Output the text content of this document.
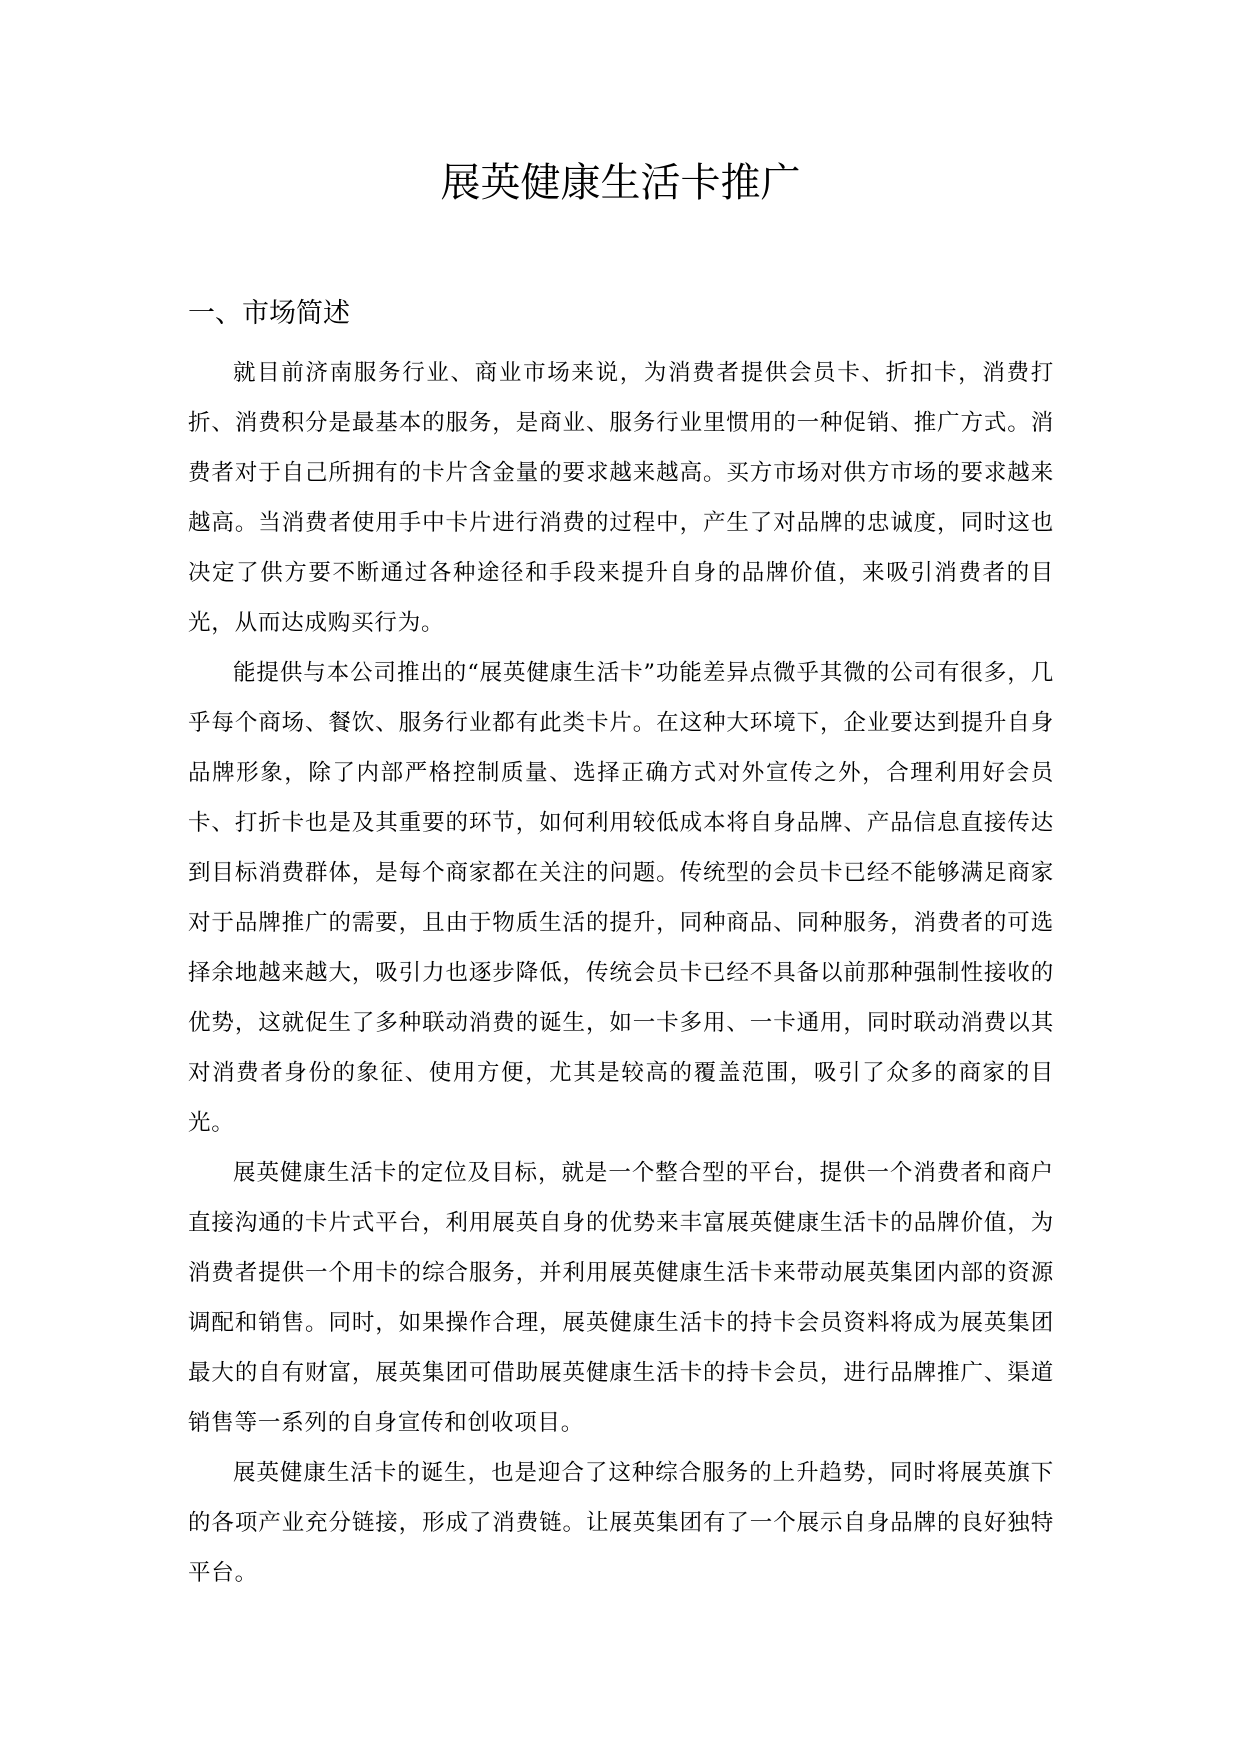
展英健康生活卡推广
一、市场简述

就目前济南服务行业、商业市场来说，为消费者提供会员卡、折扣卡，消费打折、消费积分是最基本的服务，是商业、服务行业里惯用的一种促销、推广方式。消费者对于自己所拥有的卡片含金量的要求越来越高。买方市场对供方市场的要求越来越高。当消费者使用手中卡片进行消费的过程中，产生了对品牌的忠诚度，同时这也决定了供方要不断通过各种途径和手段来提升自身的品牌价值，来吸引消费者的目光，从而达成购买行为。

能提供与本公司推出的“展英健康生活卡”功能差异点微乎其微的公司有很多，几乎每个商场、餐饮、服务行业都有此类卡片。在这种大环境下，企业要达到提升自身品牌形象，除了内部严格控制质量、选择正确方式对外宣传之外，合理利用好会员卡、打折卡也是及其重要的环节，如何利用较低成本将自身品牌、产品信息直接传达到目标消费群体，是每个商家都在关注的问题。传统型的会员卡已经不能够满足商家对于品牌推广的需要，且由于物质生活的提升，同种商品、同种服务，消费者的可选择余地越来越大，吸引力也逐步降低，传统会员卡已经不具备以前那种强制性接收的优势，这就促生了多种联动消费的诞生，如一卡多用、一卡通用，同时联动消费以其对消费者身份的象征、使用方便，尤其是较高的覆盖范围，吸引了众多的商家的目光。

展英健康生活卡的定位及目标，就是一个整合型的平台，提供一个消费者和商户直接沟通的卡片式平台，利用展英自身的优势来丰富展英健康生活卡的品牌价值，为消费者提供一个用卡的综合服务，并利用展英健康生活卡来带动展英集团内部的资源调配和销售。同时，如果操作合理，展英健康生活卡的持卡会员资料将成为展英集团最大的自有财富，展英集团可借助展英健康生活卡的持卡会员，进行品牌推广、渠道销售等一系列的自身宣传和创收项目。

展英健康生活卡的诞生，也是迎合了这种综合服务的上升趋势，同时将展英旗下的各项产业充分链接，形成了消费链。让展英集团有了一个展示自身品牌的良好独特平台。
